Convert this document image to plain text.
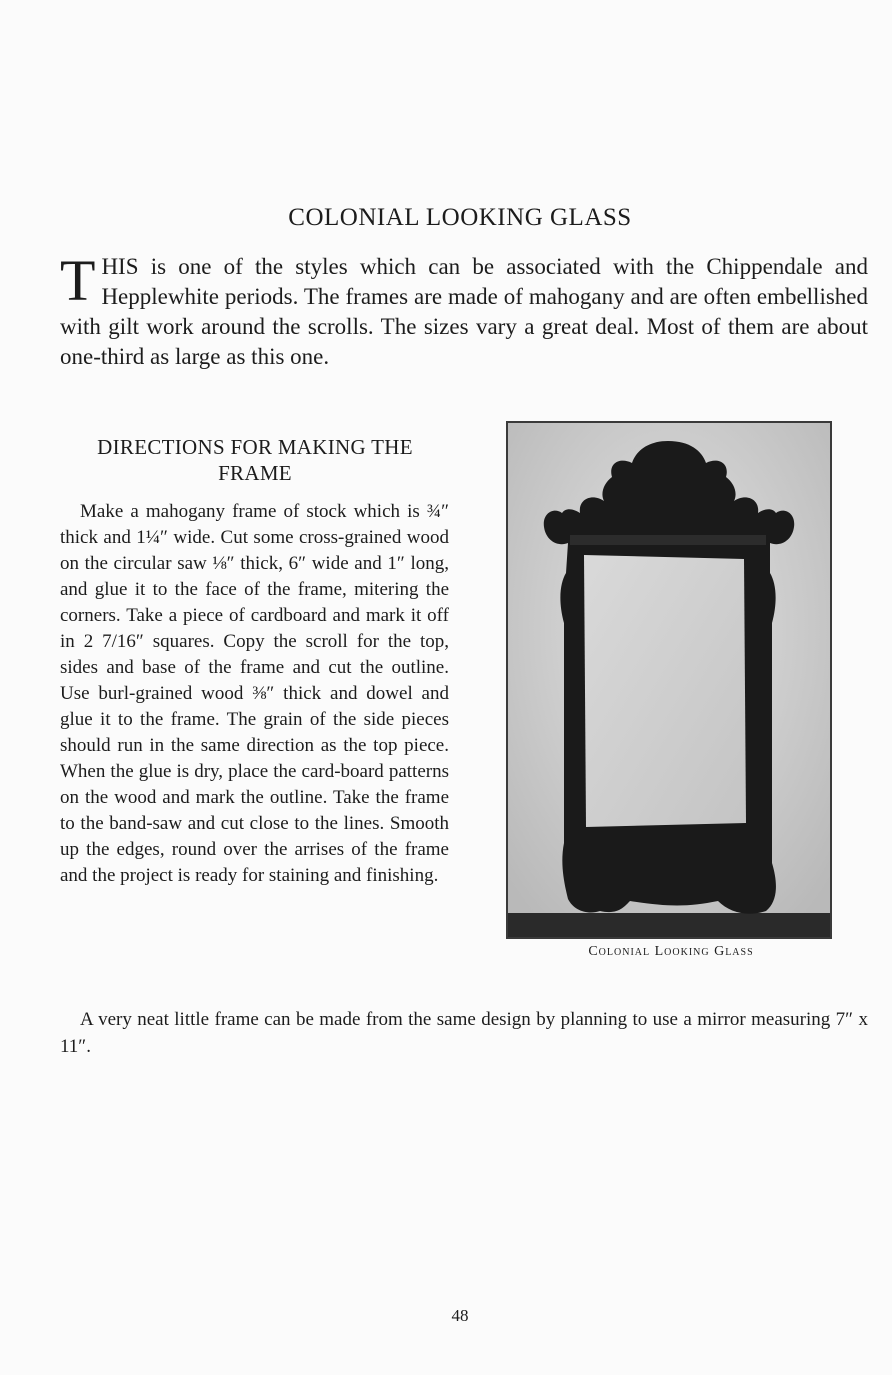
COLONIAL LOOKING GLASS
THIS is one of the styles which can be associated with the Chippendale and Hepplewhite periods. The frames are made of mahogany and are often embellished with gilt work around the scrolls. The sizes vary a great deal. Most of them are about one-third as large as this one.
DIRECTIONS FOR MAKING THE FRAME

Make a mahogany frame of stock which is ¾″ thick and 1¼″ wide. Cut some cross-grained wood on the circular saw ⅛″ thick, 6″ wide and 1″ long, and glue it to the face of the frame, mitering the corners. Take a piece of cardboard and mark it off in 2 7/16″ squares. Copy the scroll for the top, sides and base of the frame and cut the outline. Use burl-grained wood ⅜″ thick and dowel and glue it to the frame. The grain of the side pieces should run in the same direction as the top piece. When the glue is dry, place the card-board patterns on the wood and mark the outline. Take the frame to the band-saw and cut close to the lines. Smooth up the edges, round over the arrises of the frame and the project is ready for staining and finishing.

Colonial Looking Glass

A very neat little frame can be made from the same design by planning to use a mirror measuring 7″ x 11″.

48
